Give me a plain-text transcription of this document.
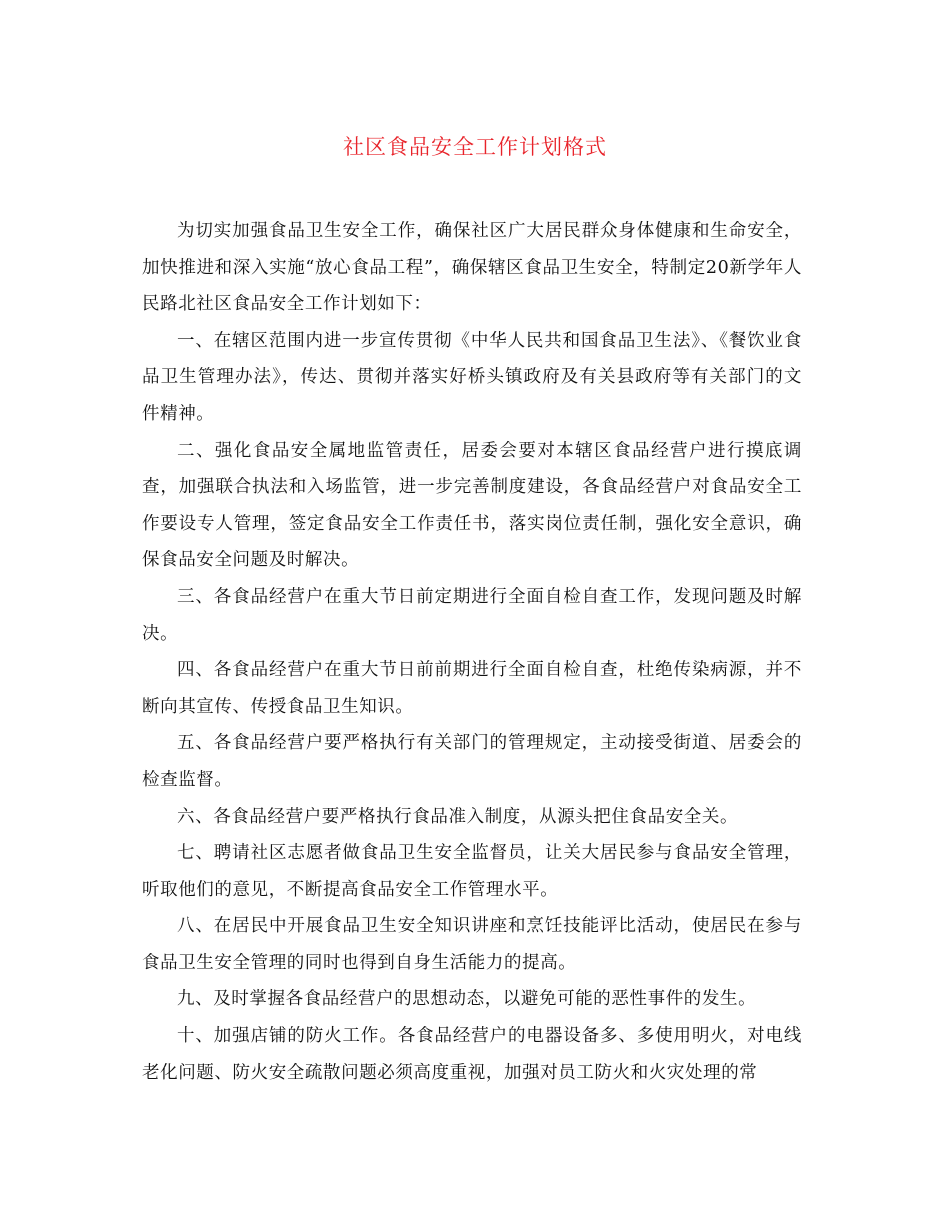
社区食品安全工作计划格式

为切实加强食品卫生安全工作，确保社区广大居民群众身体健康和生命安全，加快推进和深入实施“放心食品工程”，确保辖区食品卫生安全，特制定20新学年人民路北社区食品安全工作计划如下：

一、在辖区范围内进一步宣传贯彻《中华人民共和国食品卫生法》、《餐饮业食品卫生管理办法》，传达、贯彻并落实好桥头镇政府及有关县政府等有关部门的文件精神。

二、强化食品安全属地监管责任，居委会要对本辖区食品经营户进行摸底调查，加强联合执法和入场监管，进一步完善制度建设，各食品经营户对食品安全工作要设专人管理，签定食品安全工作责任书，落实岗位责任制，强化安全意识，确保食品安全问题及时解决。

三、各食品经营户在重大节日前定期进行全面自检自查工作，发现问题及时解决。

四、各食品经营户在重大节日前前期进行全面自检自查，杜绝传染病源，并不断向其宣传、传授食品卫生知识。

五、各食品经营户要严格执行有关部门的管理规定，主动接受街道、居委会的检查监督。

六、各食品经营户要严格执行食品准入制度，从源头把住食品安全关。

七、聘请社区志愿者做食品卫生安全监督员，让关大居民参与食品安全管理，听取他们的意见，不断提高食品安全工作管理水平。

八、在居民中开展食品卫生安全知识讲座和烹饪技能评比活动，使居民在参与食品卫生安全管理的同时也得到自身生活能力的提高。

九、及时掌握各食品经营户的思想动态，以避免可能的恶性事件的发生。

十、加强店铺的防火工作。各食品经营户的电器设备多、多使用明火，对电线老化问题、防火安全疏散问题必须高度重视，加强对员工防火和火灾处理的常
